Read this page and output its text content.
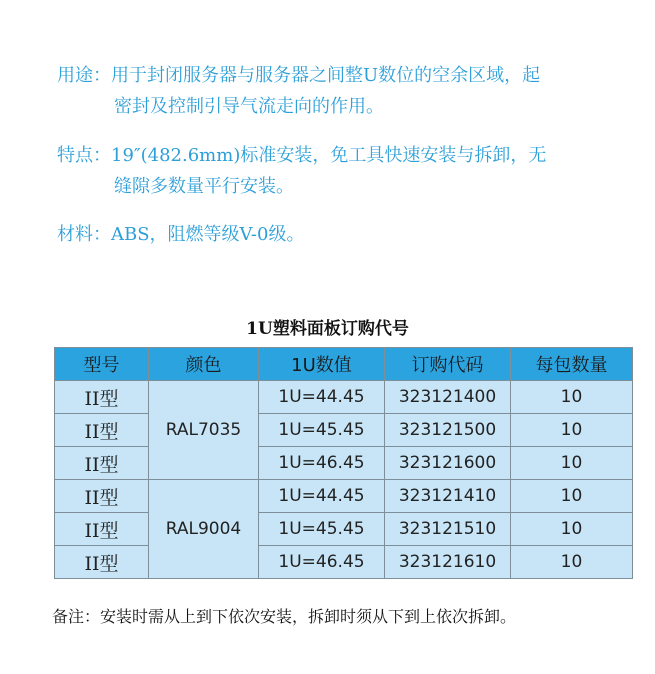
用途：用于封闭服务器与服务器之间整U数位的空余区域，起
密封及控制引导气流走向的作用。
特点：19″(482.6mm)标准安装，免工具快速安装与拆卸，无
缝隙多数量平行安装。
材料：ABS，阻燃等级V-0级。
1U塑料面板订购代号
型号	颜色	1U数值	订购代码	每包数量
II型	RAL7035	1U=44.45	323121400	10
II型		1U=45.45	323121500	10
II型		1U=46.45	323121600	10
II型	RAL9004	1U=44.45	323121410	10
II型		1U=45.45	323121510	10
II型		1U=46.45	323121610	10
备注：安装时需从上到下依次安装，拆卸时须从下到上依次拆卸。
